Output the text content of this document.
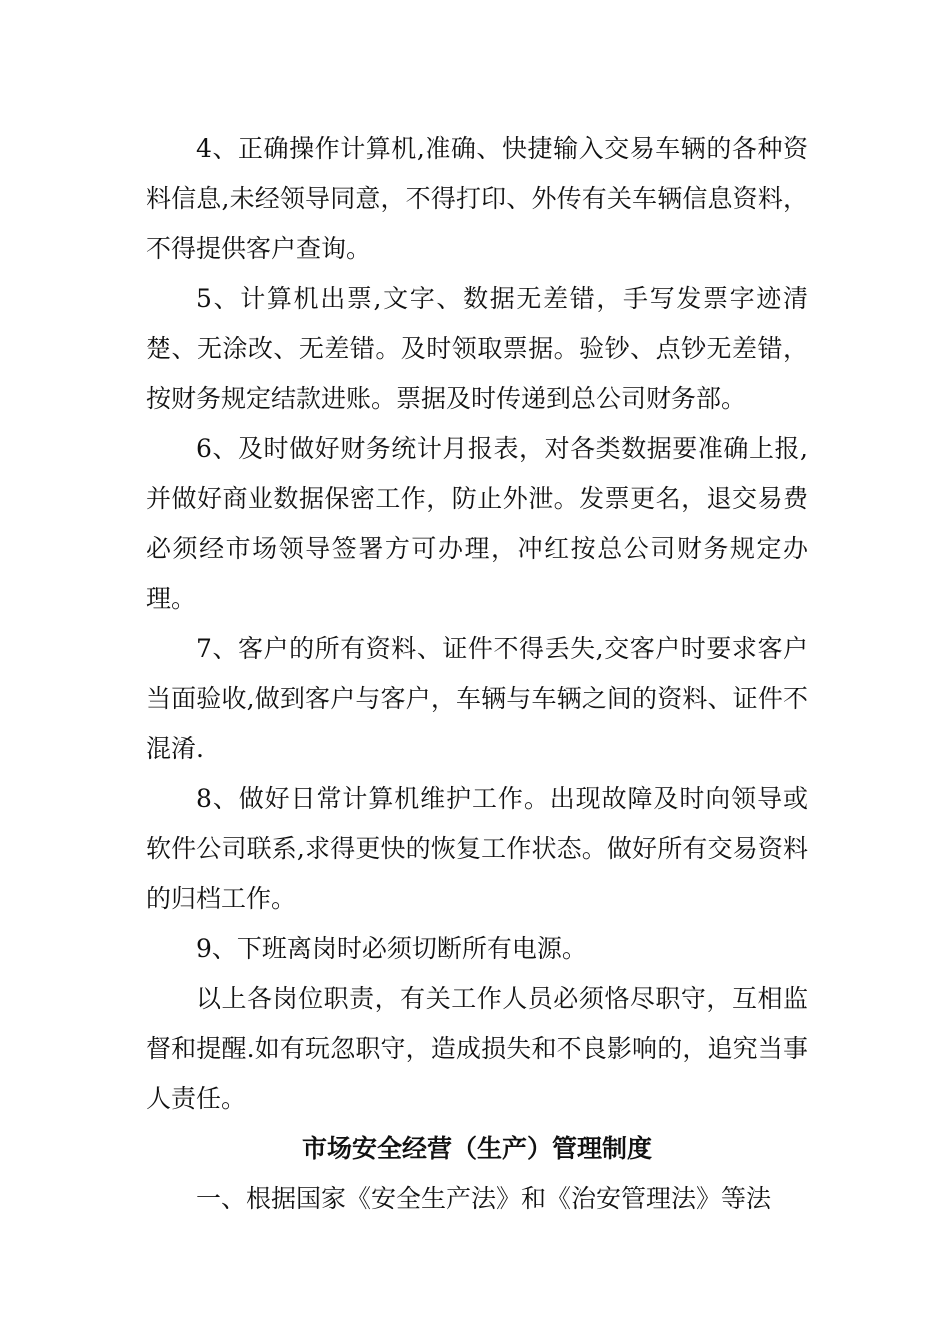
4、正确操作计算机,准确、快捷输入交易车辆的各种资料信息,未经领导同意，不得打印、外传有关车辆信息资料，不得提供客户查询。

5、计算机出票,文字、数据无差错，手写发票字迹清楚、无涂改、无差错。及时领取票据。验钞、点钞无差错，按财务规定结款进账。票据及时传递到总公司财务部。

6、及时做好财务统计月报表，对各类数据要准确上报,并做好商业数据保密工作，防止外泄。发票更名，退交易费必须经市场领导签署方可办理，冲红按总公司财务规定办理。

7、客户的所有资料、证件不得丢失,交客户时要求客户当面验收,做到客户与客户，车辆与车辆之间的资料、证件不混淆.

8、做好日常计算机维护工作。出现故障及时向领导或软件公司联系,求得更快的恢复工作状态。做好所有交易资料的归档工作。

9、下班离岗时必须切断所有电源。

以上各岗位职责，有关工作人员必须恪尽职守，互相监督和提醒.如有玩忽职守，造成损失和不良影响的，追究当事人责任。

市场安全经营（生产）管理制度

一、根据国家《安全生产法》和《治安管理法》等法
